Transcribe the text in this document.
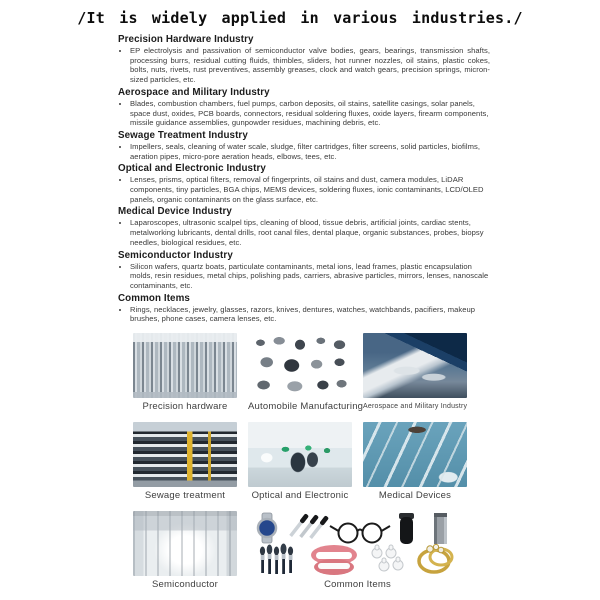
/It is widely applied in various industries./
Precision Hardware Industry
• EP electrolysis and passivation of semiconductor valve bodies, gears, bearings, transmission shafts, processing burrs, residual cutting fluids, thimbles, sliders, hot runner nozzles, oil stains, plastic cokes, bolts, nuts, rivets, rust preventives, assembly greases, clock and watch gears, precision springs, micron-sized particles, etc.
Aerospace and Military Industry
• Blades, combustion chambers, fuel pumps, carbon deposits, oil stains, satellite casings, solar panels, space dust, oxides, PCB boards, connectors, residual soldering fluxes, oxide layers, firearm components, missile guidance assemblies, gunpowder residues, machining debris, etc.
Sewage Treatment Industry
• Impellers, seals, cleaning of water scale, sludge, filter cartridges, filter screens, solid particles, biofilms, aeration pipes, micro-pore aeration heads, elbows, tees, etc.
Optical and Electronic Industry
• Lenses, prisms, optical filters, removal of fingerprints, oil stains and dust, camera modules, LiDAR components, tiny particles, BGA chips, MEMS devices, soldering fluxes, ionic contaminants, LCD/OLED panels, organic contaminants on the glass surface, etc.
Medical Device Industry
• Laparoscopes, ultrasonic scalpel tips, cleaning of blood, tissue debris, artificial joints, cardiac stents, metalworking lubricants, dental drills, root canal files, dental plaque, organic substances, probes, biopsy needles, biological residues, etc.
Semiconductor Industry
• Silicon wafers, quartz boats, particulate contaminants, metal ions, lead frames, plastic encapsulation molds, resin residues, metal chips, polishing pads, carriers, abrasive particles, mirrors, lenses, nanoscale contaminants, etc.
Common Items
• Rings, necklaces, jewelry, glasses, razors, knives, dentures, watches, watchbands, pacifiers, makeup brushes, phone cases, camera lenses, etc.
Precision hardware	Automobile Manufacturing Aerospace and Military Industry
Sewage treatment	Optical and Electronic	Medical Devices
Semiconductor	Common Items
